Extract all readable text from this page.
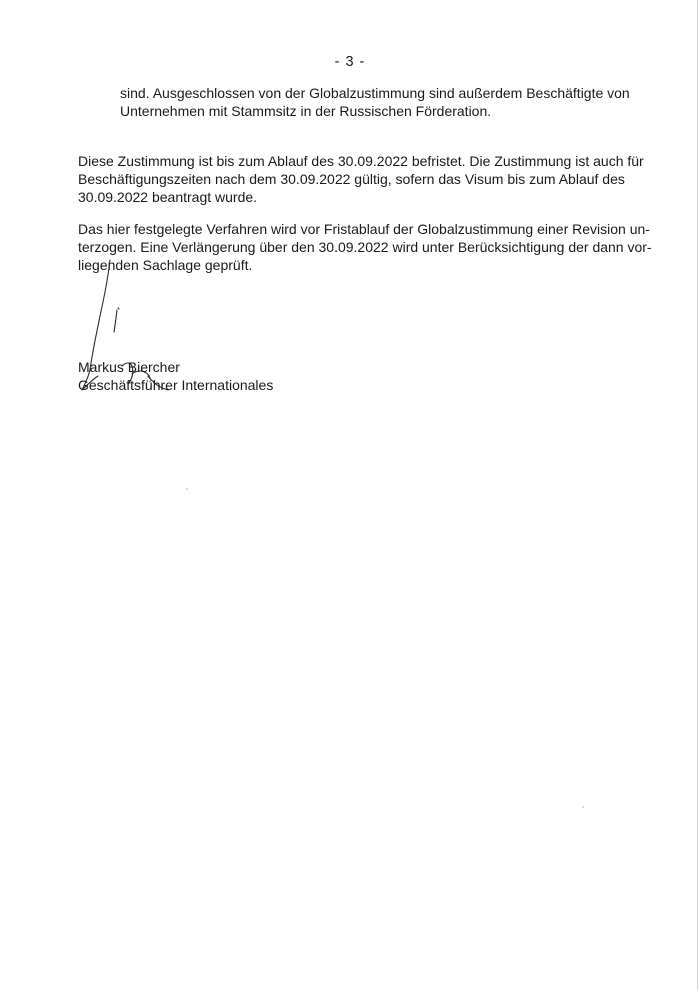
- 3 -

sind. Ausgeschlossen von der Globalzustimmung sind außerdem Beschäftigte von
Unternehmen mit Stammsitz in der Russischen Förderation.

Diese Zustimmung ist bis zum Ablauf des 30.09.2022 befristet. Die Zustimmung ist auch für
Beschäftigungszeiten nach dem 30.09.2022 gültig, sofern das Visum bis zum Ablauf des
30.09.2022 beantragt wurde.

Das hier festgelegte Verfahren wird vor Fristablauf der Globalzustimmung einer Revision un-
terzogen. Eine Verlängerung über den 30.09.2022 wird unter Berücksichtigung der dann vor-
liegenden Sachlage geprüft.

Markus Biercher
Geschäftsführer Internationales
